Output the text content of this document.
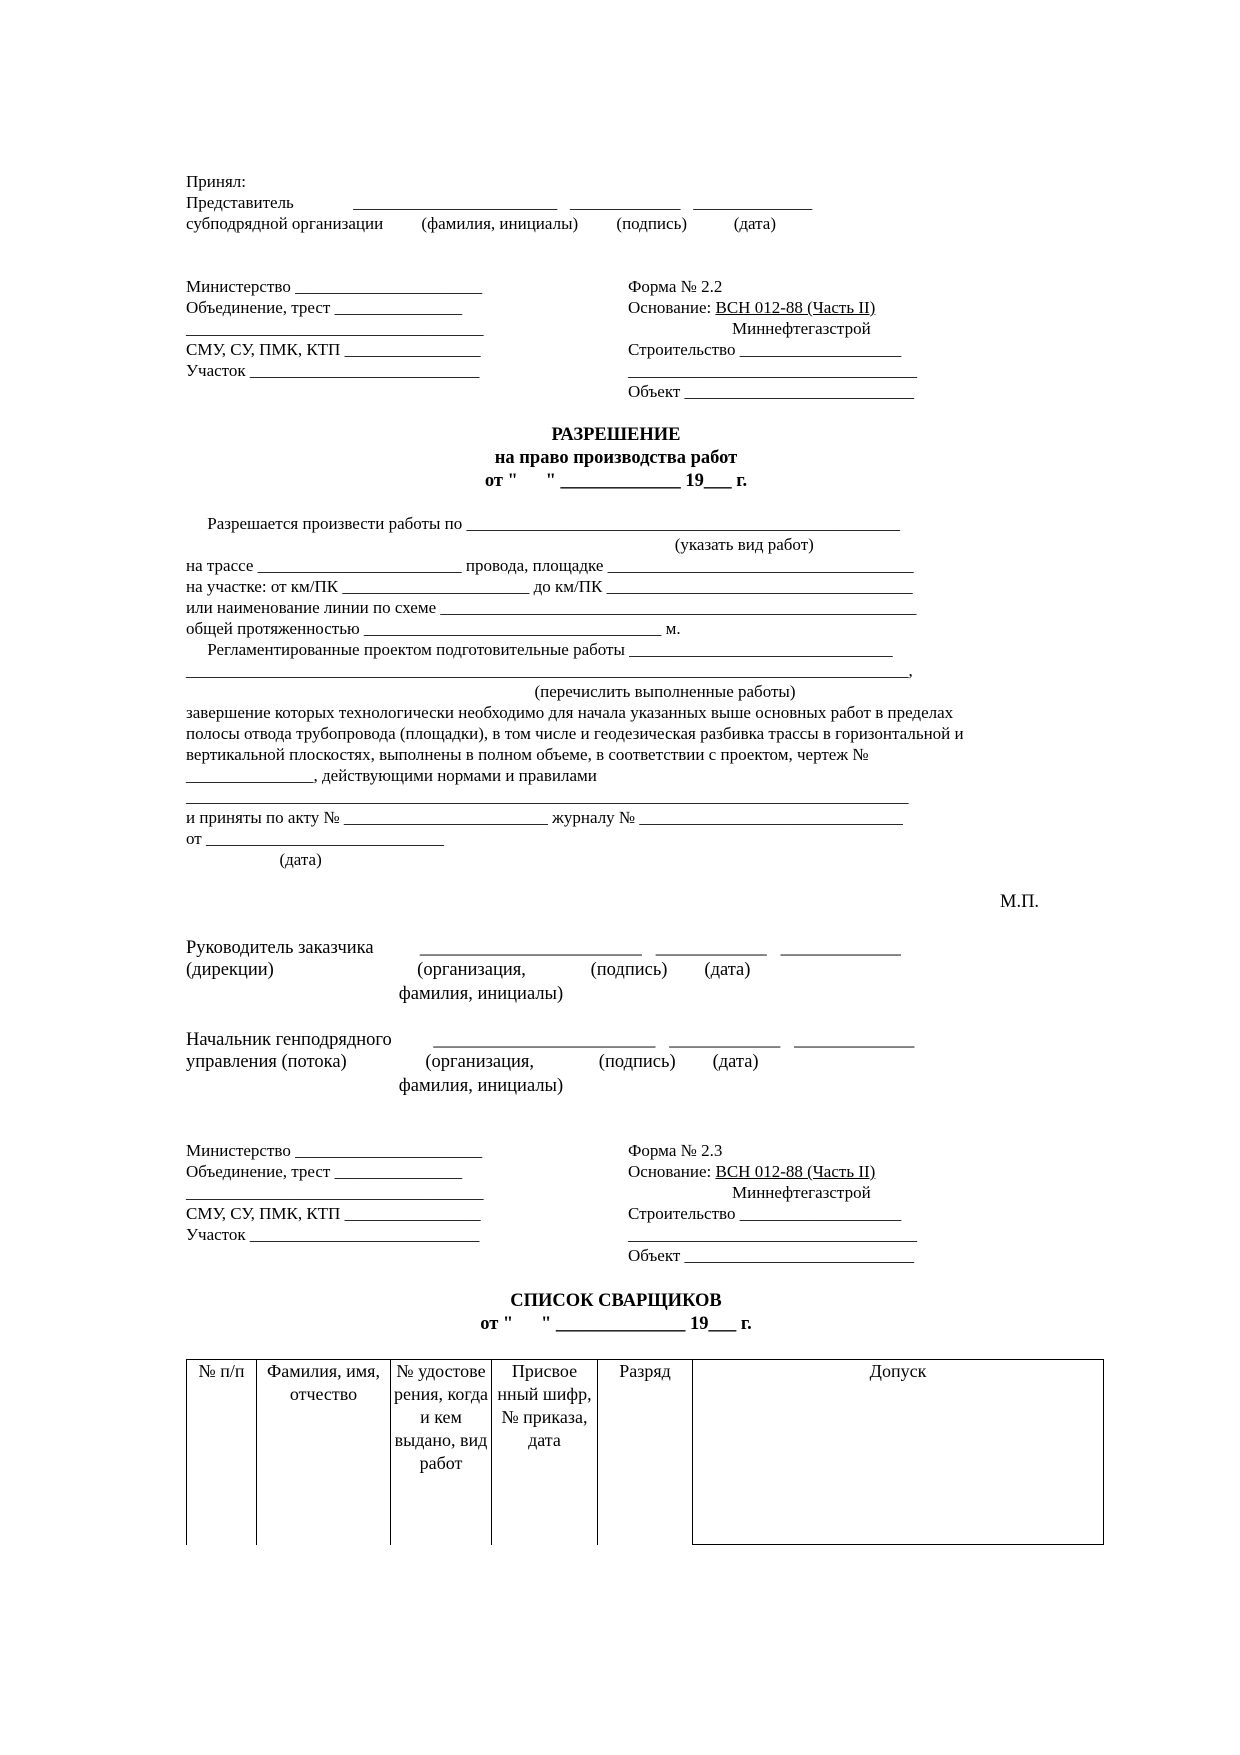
Принял:
Представитель              ________________________   _____________   ______________
субподрядной организации         (фамилия, инициалы)         (подпись)           (дата)
Министерство ______________________
Объединение, трест _______________
___________________________________
СМУ, СУ, ПМК, КТП ________________
Участок ___________________________
Форма № 2.2
Основание: ВСН 012-88 (Часть II)
Миннефтегазстрой
Строительство ___________________
__________________________________
Объект ___________________________
РАЗРЕШЕНИЕ
на право производства работ
от "      " _____________ 19___ г.
Разрешается произвести работы по ___________________________________________________
(указать вид работ)
на трассе ________________________ провода, площадке ____________________________________
на участке: от км/ПК ______________________ до км/ПК ____________________________________
или наименование линии по схеме ________________________________________________________
общей протяженностью ___________________________________ м.
Регламентированные проектом подготовительные работы _______________________________
_____________________________________________________________________________________,
(перечислить выполненные работы)
завершение которых технологически необходимо для начала указанных выше основных работ в пределах
полосы отвода трубопровода (площадки), в том числе и геодезическая разбивка трассы в горизонтальной и
вертикальной плоскостях, выполнены в полном объеме, в соответствии с проектом, чертеж №
_______________, действующими нормами и правилами
_____________________________________________________________________________________
и приняты по акту № ________________________ журналу № _______________________________
от ____________________________
(дата)
М.П.
Руководитель заказчика          ________________________   ____________   _____________
(дирекции)                               (организация,              (подпись)        (дата)
фамилия, инициалы)
Начальник генподрядного         ________________________   ____________   _____________
управления (потока)                 (организация,              (подпись)        (дата)
фамилия, инициалы)
Министерство ______________________
Объединение, трест _______________
___________________________________
СМУ, СУ, ПМК, КТП ________________
Участок ___________________________
Форма № 2.3
Основание: ВСН 012-88 (Часть II)
Миннефтегазстрой
Строительство ___________________
__________________________________
Объект ___________________________
СПИСОК СВАРЩИКОВ
от "      " ______________ 19___ г.
№ п/п	Фамилия, имя, отчество	№ удостове рения, когда и кем выдано, вид работ	Присвое нный шифр, № приказа, дата	Разряд	Допуск
